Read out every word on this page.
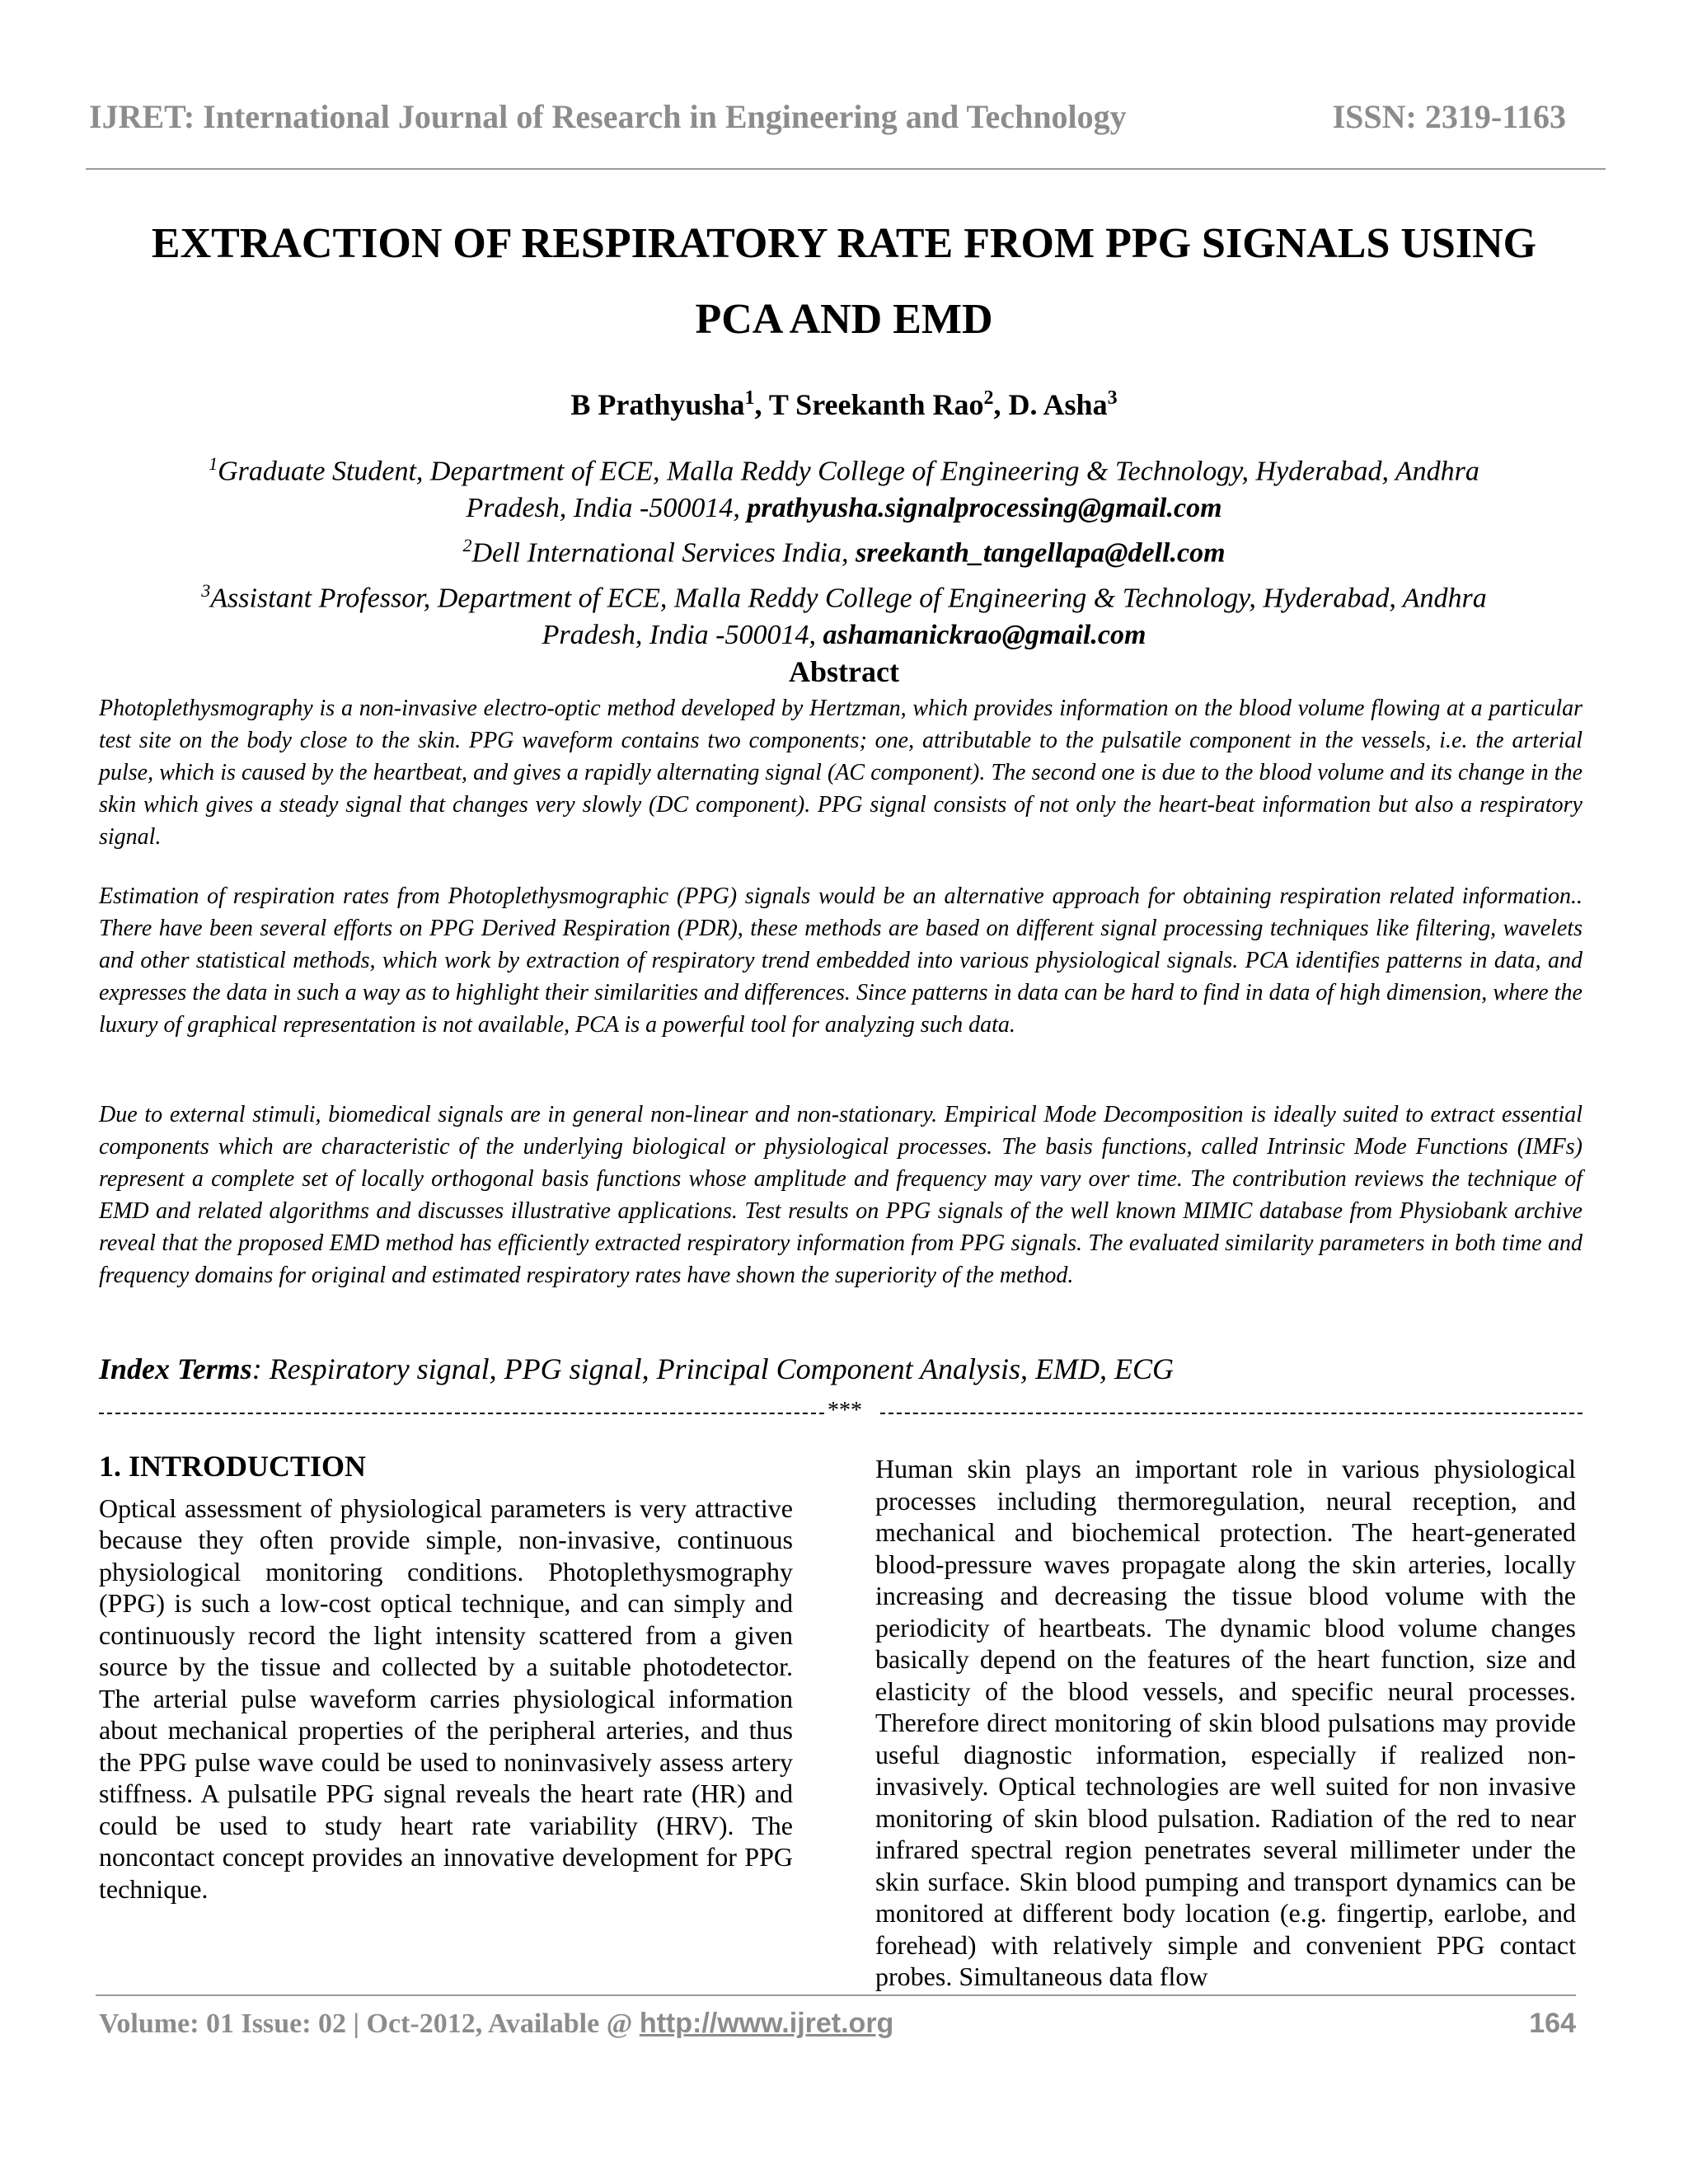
IJRET: International Journal of Research in Engineering and Technology	ISSN: 2319-1163
EXTRACTION OF RESPIRATORY RATE FROM PPG SIGNALS USING
PCA AND EMD
B Prathyusha$^1$, T Sreekanth Rao$^2$, D. Asha$^3$
$^1$Graduate Student, Department of ECE, Malla Reddy College of Engineering & Technology, Hyderabad, Andhra
Pradesh, India -500014, prathyusha.signalprocessing@gmail.com
$^2$Dell International Services India, sreekanth_tangellapa@dell.com
$^3$Assistant Professor, Department of ECE, Malla Reddy College of Engineering & Technology, Hyderabad, Andhra
Pradesh, India -500014, ashamanickrao@gmail.com
Abstract
Photoplethysmography is a non-invasive electro-optic method developed by Hertzman, which provides information on the blood volume flowing at a particular test site on the body close to the skin. PPG waveform contains two components; one, attributable to the pulsatile component in the vessels, i.e. the arterial pulse, which is caused by the heartbeat, and gives a rapidly alternating signal (AC component). The second one is due to the blood volume and its change in the skin which gives a steady signal that changes very slowly (DC component). PPG signal consists of not only the heart-beat information but also a respiratory signal.
Estimation of respiration rates from Photoplethysmographic (PPG) signals would be an alternative approach for obtaining respiration related information.. There have been several efforts on PPG Derived Respiration (PDR), these methods are based on different signal processing techniques like filtering, wavelets and other statistical methods, which work by extraction of respiratory trend embedded into various physiological signals. PCA identifies patterns in data, and expresses the data in such a way as to highlight their similarities and differences. Since patterns in data can be hard to find in data of high dimension, where the luxury of graphical representation is not available, PCA is a powerful tool for analyzing such data.
Due to external stimuli, biomedical signals are in general non-linear and non-stationary. Empirical Mode Decomposition is ideally suited to extract essential components which are characteristic of the underlying biological or physiological processes. The basis functions, called Intrinsic Mode Functions (IMFs) represent a complete set of locally orthogonal basis functions whose amplitude and frequency may vary over time. The contribution reviews the technique of EMD and related algorithms and discusses illustrative applications. Test results on PPG signals of the well known MIMIC database from Physiobank archive reveal that the proposed EMD method has efficiently extracted respiratory information from PPG signals. The evaluated similarity parameters in both time and frequency domains for original and estimated respiratory rates have shown the superiority of the method.
Index Terms: Respiratory signal, PPG signal, Principal Component Analysis, EMD, ECG
***
1. INTRODUCTION
Optical assessment of physiological parameters is very attractive because they often provide simple, non-invasive, continuous physiological monitoring conditions. Photoplethysmography (PPG) is such a low-cost optical technique, and can simply and continuously record the light intensity scattered from a given source by the tissue and collected by a suitable photodetector. The arterial pulse waveform carries physiological information about mechanical properties of the peripheral arteries, and thus the PPG pulse wave could be used to noninvasively assess artery stiffness. A pulsatile PPG signal reveals the heart rate (HR) and could be used to study heart rate variability (HRV). The noncontact concept provides an innovative development for PPG technique.
Human skin plays an important role in various physiological processes including thermoregulation, neural reception, and mechanical and biochemical protection. The heart-generated blood-pressure waves propagate along the skin arteries, locally increasing and decreasing the tissue blood volume with the periodicity of heartbeats. The dynamic blood volume changes basically depend on the features of the heart function, size and elasticity of the blood vessels, and specific neural processes. Therefore direct monitoring of skin blood pulsations may provide useful diagnostic information, especially if realized non-invasively. Optical technologies are well suited for non invasive monitoring of skin blood pulsation. Radiation of the red to near infrared spectral region penetrates several millimeter under the skin surface. Skin blood pumping and transport dynamics can be monitored at different body location (e.g. fingertip, earlobe, and forehead) with relatively simple and convenient PPG contact probes. Simultaneous data flow
Volume: 01 Issue: 02 | Oct-2012, Available @ http://www.ijret.org	164
